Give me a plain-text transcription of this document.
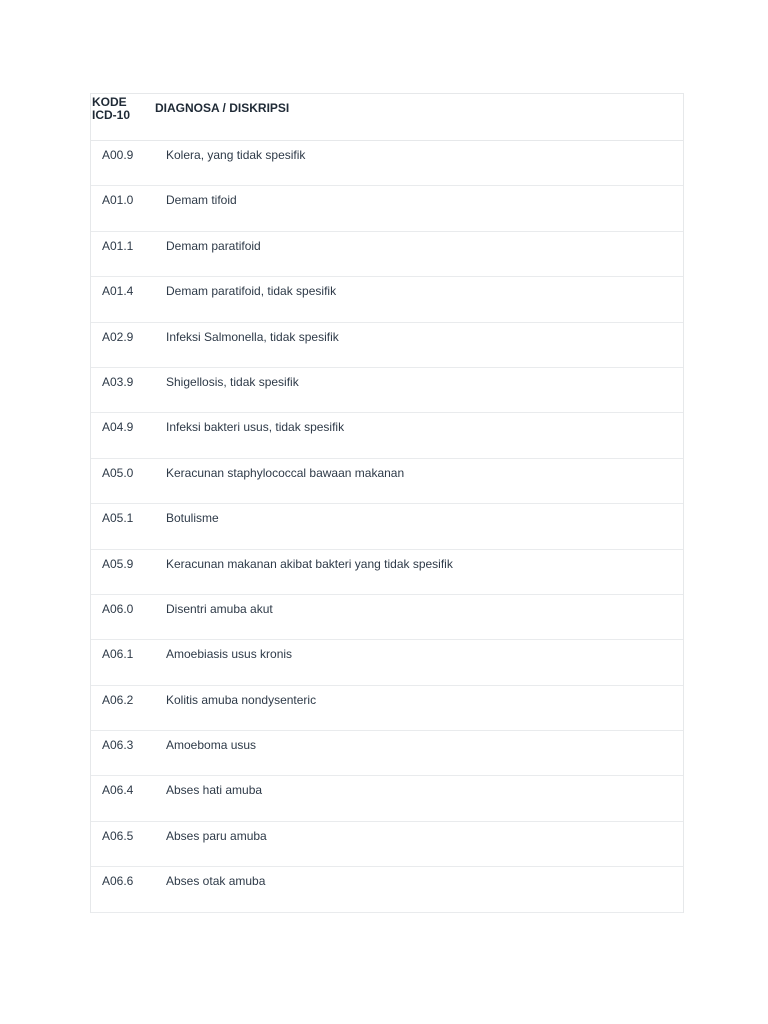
KODE ICD-10	DIAGNOSA / DISKRIPSI
A00.9	Kolera, yang tidak spesifik
A01.0	Demam tifoid
A01.1	Demam paratifoid
A01.4	Demam paratifoid, tidak spesifik
A02.9	Infeksi Salmonella, tidak spesifik
A03.9	Shigellosis, tidak spesifik
A04.9	Infeksi bakteri usus, tidak spesifik
A05.0	Keracunan staphylococcal bawaan makanan
A05.1	Botulisme
A05.9	Keracunan makanan akibat bakteri yang tidak spesifik
A06.0	Disentri amuba akut
A06.1	Amoebiasis usus kronis
A06.2	Kolitis amuba nondysenteric
A06.3	Amoeboma usus
A06.4	Abses hati amuba
A06.5	Abses paru amuba
A06.6	Abses otak amuba
